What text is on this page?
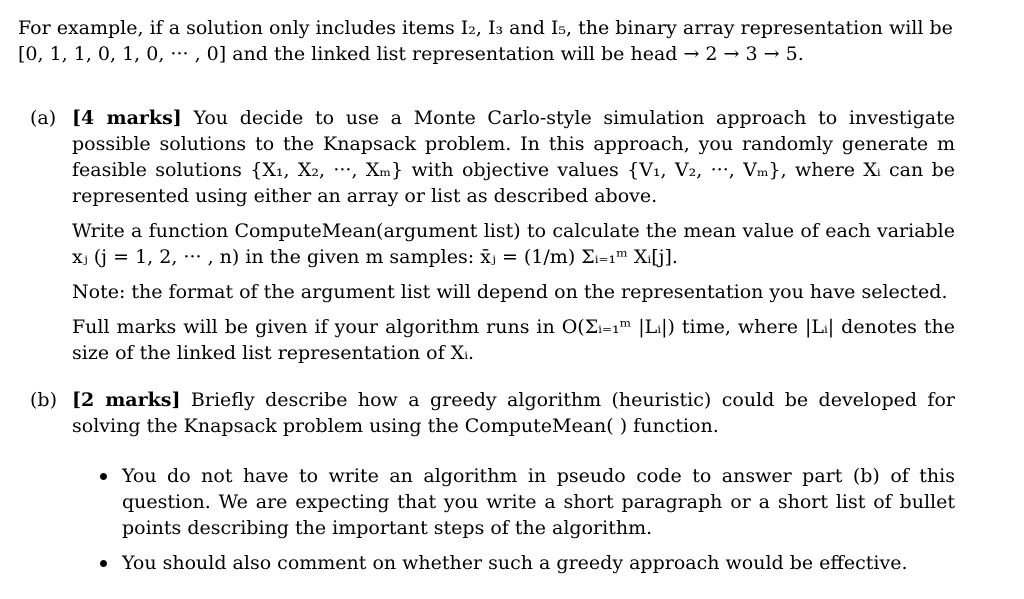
For example, if a solution only includes items I₂, I₃ and I₅, the binary array representation will be
[0, 1, 1, 0, 1, 0, ··· , 0] and the linked list representation will be head → 2 → 3 → 5.
(a) [4 marks] You decide to use a Monte Carlo-style simulation approach to investigate possible solutions to the Knapsack problem. In this approach, you randomly generate m feasible solutions {X₁, X₂, ···, Xₘ} with objective values {V₁, V₂, ···, Vₘ}, where Xᵢ can be represented using either an array or list as described above.

Write a function ComputeMean(argument list) to calculate the mean value of each variable xⱼ (j = 1, 2, ··· , n) in the given m samples: x̄ⱼ = (1/m) Σᵢ₌₁ᵐ Xᵢ[j].

Note: the format of the argument list will depend on the representation you have selected.

Full marks will be given if your algorithm runs in O(Σᵢ₌₁ᵐ |Lᵢ|) time, where |Lᵢ| denotes the size of the linked list representation of Xᵢ.

(b) [2 marks] Briefly describe how a greedy algorithm (heuristic) could be developed for solving the Knapsack problem using the ComputeMean( ) function.

You do not have to write an algorithm in pseudo code to answer part (b) of this question. We are expecting that you write a short paragraph or a short list of bullet points describing the important steps of the algorithm.
You should also comment on whether such a greedy approach would be effective.
